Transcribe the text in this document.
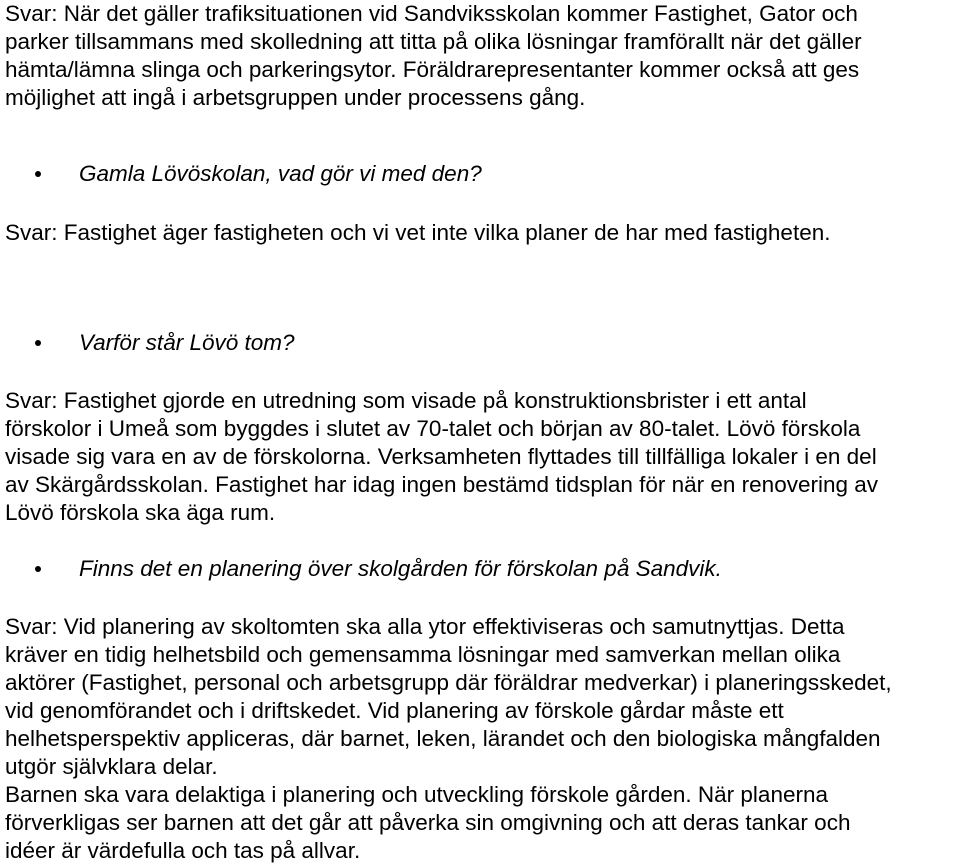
Svar: När det gäller trafiksituationen vid Sandviksskolan kommer Fastighet, Gator och
parker tillsammans med skolledning att titta på olika lösningar framförallt när det gäller
hämta/lämna slinga och parkeringsytor. Föräldrarepresentanter kommer också att ges
möjlighet att ingå i arbetsgruppen under processens gång.

Gamla Lövöskolan, vad gör vi med den?

Svar: Fastighet äger fastigheten och vi vet inte vilka planer de har med fastigheten.

Varför står Lövö tom?

Svar: Fastighet gjorde en utredning som visade på konstruktionsbrister i ett antal
förskolor i Umeå som byggdes i slutet av 70-talet och början av 80-talet. Lövö förskola
visade sig vara en av de förskolorna. Verksamheten flyttades till tillfälliga lokaler i en del
av Skärgårdsskolan. Fastighet har idag ingen bestämd tidsplan för när en renovering av
Lövö förskola ska äga rum.

Finns det en planering över skolgården för förskolan på Sandvik.

Svar: Vid planering av skoltomten ska alla ytor effektiviseras och samutnyttjas. Detta
kräver en tidig helhetsbild och gemensamma lösningar med samverkan mellan olika
aktörer (Fastighet, personal och arbetsgrupp där föräldrar medverkar) i planeringsskedet,
vid genomförandet och i driftskedet. Vid planering av förskole gårdar måste ett
helhetsperspektiv appliceras, där barnet, leken, lärandet och den biologiska mångfalden
utgör självklara delar.
Barnen ska vara delaktiga i planering och utveckling förskole gården. När planerna
förverkligas ser barnen att det går att påverka sin omgivning och att deras tankar och
idéer är värdefulla och tas på allvar.
